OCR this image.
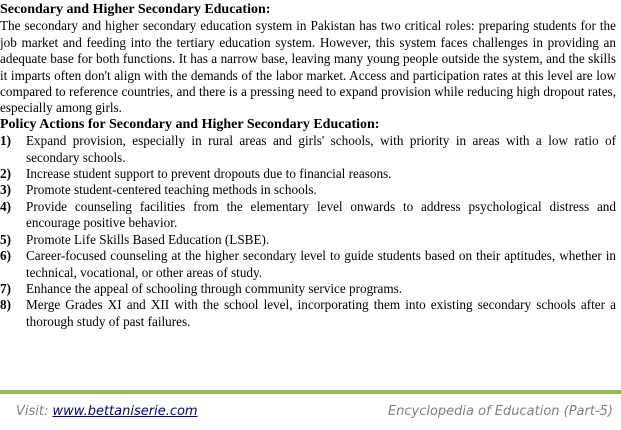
Secondary and Higher Secondary Education:

The secondary and higher secondary education system in Pakistan has two critical roles: preparing students for the job market and feeding into the tertiary education system. However, this system faces challenges in providing an adequate base for both functions. It has a narrow base, leaving many young people outside the system, and the skills it imparts often don't align with the demands of the labor market. Access and participation rates at this level are low compared to reference countries, and there is a pressing need to expand provision while reducing high dropout rates, especially among girls.

Policy Actions for Secondary and Higher Secondary Education:

1)	Expand provision, especially in rural areas and girls' schools, with priority in areas with a low ratio of secondary schools.
2)	Increase student support to prevent dropouts due to financial reasons.
3)	Promote student-centered teaching methods in schools.
4)	Provide counseling facilities from the elementary level onwards to address psychological distress and encourage positive behavior.
5)	Promote Life Skills Based Education (LSBE).
6)	Career-focused counseling at the higher secondary level to guide students based on their aptitudes, whether in technical, vocational, or other areas of study.
7)	Enhance the appeal of schooling through community service programs.
8)	Merge Grades XI and XII with the school level, incorporating them into existing secondary schools after a thorough study of past failures.
Visit: www.bettaniserie.com	Encyclopedia of Education (Part-5)
